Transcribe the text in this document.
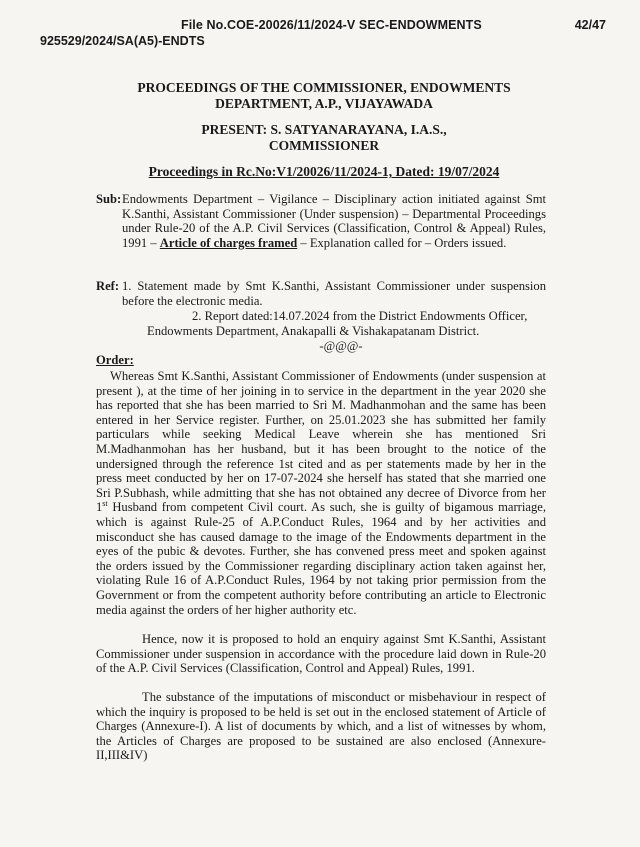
File No.COE-20026/11/2024-V SEC-ENDOWMENTS	42/47
925529/2024/SA(A5)-ENDTS
PROCEEDINGS OF THE COMMISSIONER, ENDOWMENTS
DEPARTMENT, A.P., VIJAYAWADA
PRESENT: S. SATYANARAYANA, I.A.S.,
COMMISSIONER
Proceedings in Rc.No:V1/20026/11/2024-1, Dated: 19/07/2024
Sub: Endowments Department – Vigilance – Disciplinary action initiated against Smt K.Santhi, Assistant Commissioner (Under suspension) – Departmental Proceedings under Rule-20 of the A.P. Civil Services (Classification, Control & Appeal) Rules, 1991 – Article of charges framed – Explanation called for – Orders issued.
Ref: 1. Statement made by Smt K.Santhi, Assistant Commissioner under suspension before the electronic media.
2. Report dated:14.07.2024 from the District Endowments Officer,
Endowments Department, Anakapalli & Vishakapatanam District.
-@@@-
Order:

Whereas Smt K.Santhi, Assistant Commissioner of Endowments (under suspension at present ), at the time of her joining in to service in the department in the year 2020 she has reported that she has been married to Sri M. Madhanmohan and the same has been entered in her Service register. Further, on 25.01.2023 she has submitted her family particulars while seeking Medical Leave wherein she has mentioned Sri M.Madhanmohan has her husband, but it has been brought to the notice of the undersigned through the reference 1st cited and as per statements made by her in the press meet conducted by her on 17-07-2024 she herself has stated that she married one Sri P.Subhash, while admitting that she has not obtained any decree of Divorce from her 1st Husband from competent Civil court. As such, she is guilty of bigamous marriage, which is against Rule-25 of A.P.Conduct Rules, 1964 and by her activities and misconduct she has caused damage to the image of the Endowments department in the eyes of the pubic & devotes. Further, she has convened press meet and spoken against the orders issued by the Commissioner regarding disciplinary action taken against her, violating Rule 16 of A.P.Conduct Rules, 1964 by not taking prior permission from the Government or from the competent authority before contributing an article to Electronic media against the orders of her higher authority etc.

Hence, now it is proposed to hold an enquiry against Smt K.Santhi, Assistant Commissioner under suspension in accordance with the procedure laid down in Rule-20 of the A.P. Civil Services (Classification, Control and Appeal) Rules, 1991.

The substance of the imputations of misconduct or misbehaviour in respect of which the inquiry is proposed to be held is set out in the enclosed statement of Article of Charges (Annexure-I). A list of documents by which, and a list of witnesses by whom, the Articles of Charges are proposed to be sustained are also enclosed (Annexure-II,III&IV)
